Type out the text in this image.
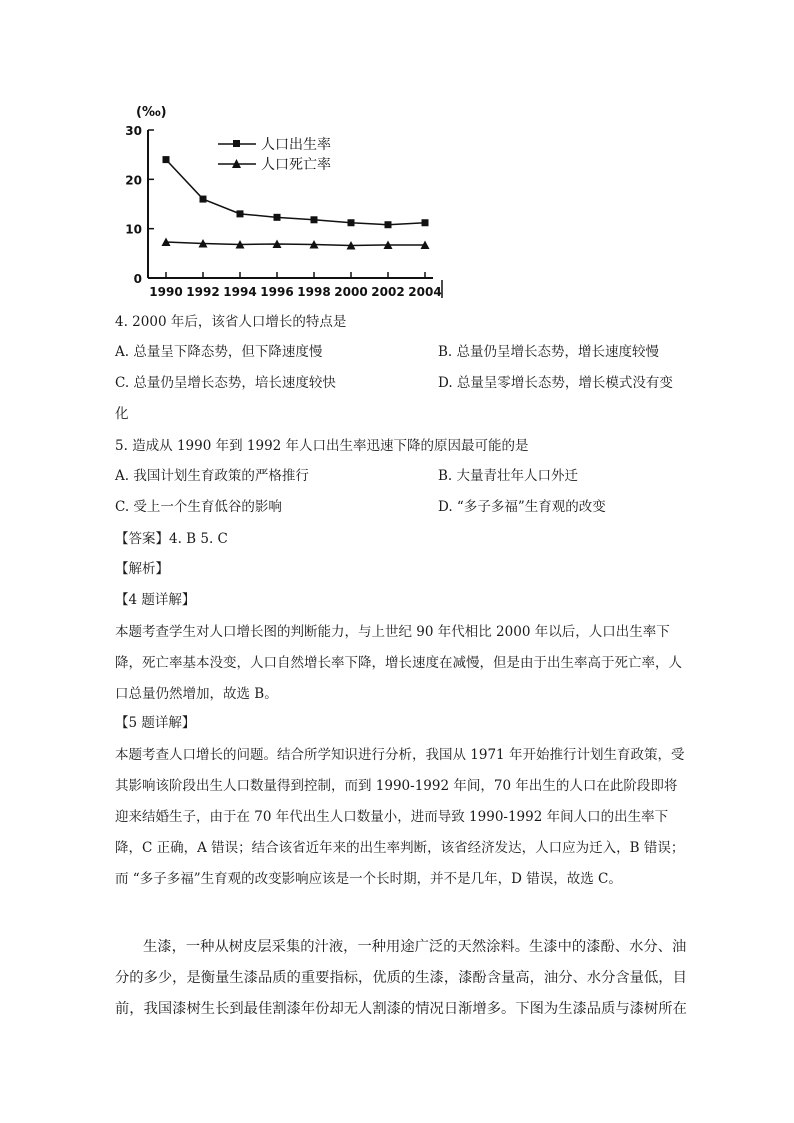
(‰)
0
10
20
30
1990 1992 1994 1996 1998 2000 2002 2004
人口出生率
人口死亡率
4. 2000 年后，该省人口增长的特点是
A. 总量呈下降态势，但下降速度慢	B. 总量仍呈增长态势，增长速度较慢
C. 总量仍呈增长态势，培长速度较快	D. 总量呈零增长态势，增长模式没有变
化
5. 造成从 1990 年到 1992 年人口出生率迅速下降的原因最可能的是
A. 我国计划生育政策的严格推行	B. 大量青壮年人口外迁
C. 受上一个生育低谷的影响	D. “多子多福”生育观的改变
【答案】4. B 5. C
【解析】
【4 题详解】
本题考查学生对人口增长图的判断能力，与上世纪 90 年代相比 2000 年以后，人口出生率下降，死亡率基本没变，人口自然增长率下降，增长速度在减慢，但是由于出生率高于死亡率，人口总量仍然增加，故选 B。
【5 题详解】
本题考查人口增长的问题。结合所学知识进行分析，我国从 1971 年开始推行计划生育政策，受其影响该阶段出生人口数量得到控制，而到 1990-1992 年间，70 年出生的人口在此阶段即将迎来结婚生子，由于在 70 年代出生人口数量小，进而导致 1990-1992 年间人口的出生率下降，C 正确，A 错误；结合该省近年来的出生率判断，该省经济发达，人口应为迁入，B 错误；而 “多子多福”生育观的改变影响应该是一个长时期，并不是几年，D 错误，故选 C。
生漆，一种从树皮层采集的汁液，一种用途广泛的天然涂料。生漆中的漆酚、水分、油分的多少，是衡量生漆品质的重要指标，优质的生漆，漆酚含量高，油分、水分含量低，目前，我国漆树生长到最佳割漆年份却无人割漆的情况日渐增多。下图为生漆品质与漆树所在
